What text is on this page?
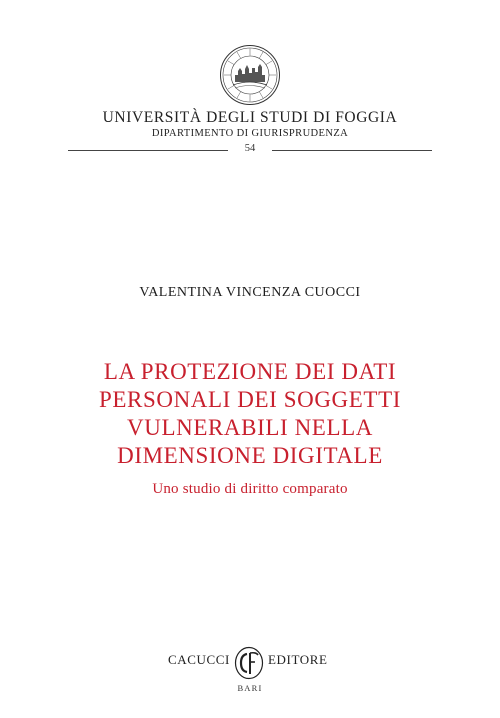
UNIVERSITÀ DEGLI STUDI DI FOGGIA
DIPARTIMENTO DI GIURISPRUDENZA
54
VALENTINA VINCENZA CUOCCI
LA PROTEZIONE DEI DATI
PERSONALI DEI SOGGETTI
VULNERABILI NELLA
DIMENSIONE DIGITALE
Uno studio di diritto comparato
CACUCCI	EDITORE
BARI
